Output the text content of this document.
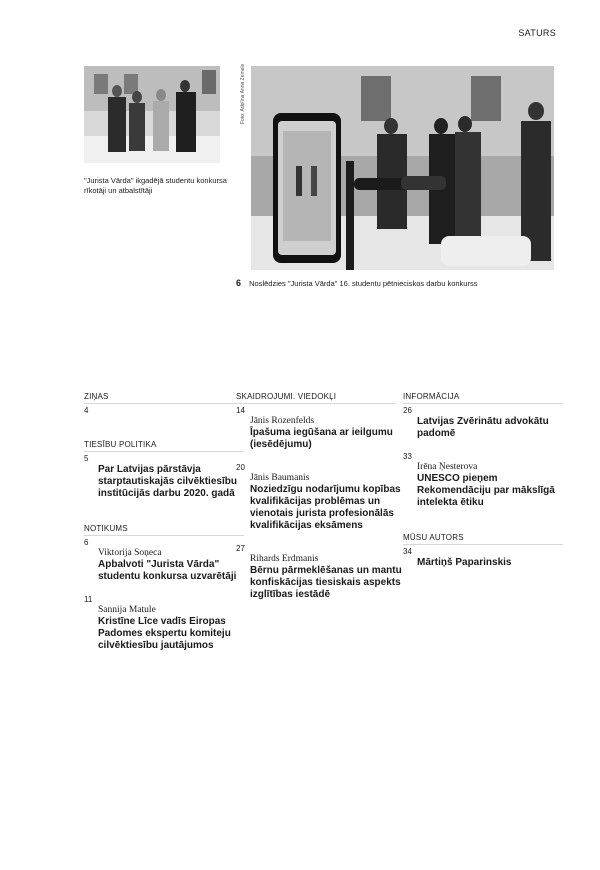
SATURS
Foto: Adelīna Anna Zemele
"Jurista Vārda" ikgadējā studentu konkursa rīkotāji un atbalstītāji
6 Noslēdzies "Jurista Vārda" 16. studentu pētnieciskos darbu konkurss
ZIŅAS
4
TIESĪBU POLITIKA
5
Par Latvijas pārstāvja starptautiskajās cilvēktiesību institūcijās darbu 2020. gadā
NOTIKUMS
6
Viktorija Soņeca
Apbalvoti "Jurista Vārda" studentu konkursa uzvarētāji
11
Sannija Matule
Kristīne Līce vadīs Eiropas Padomes ekspertu komiteju cilvēktiesību jautājumos
SKAIDROJUMI. VIEDOKĻI
14
Jānis Rozenfelds
Īpašuma iegūšana ar ieilgumu (iesēdējumu)
20
Jānis Baumanis
Noziedzīgu nodarījumu kopības kvalifikācijas problēmas un vienotais jurista profesionālās kvalifikācijas eksāmens
27
Rihards Erdmanis
Bērnu pārmeklēšanas un mantu konfiskācijas tiesiskais aspekts izglītības iestādē
INFORMĀCIJA
26
Latvijas Zvērinātu advokātu padomē
33
Irēna Ņesterova
UNESCO pieņem Rekomendāciju par mākslīgā intelekta ētiku
MŪSU AUTORS
34
Mārtiņš Paparinskis
